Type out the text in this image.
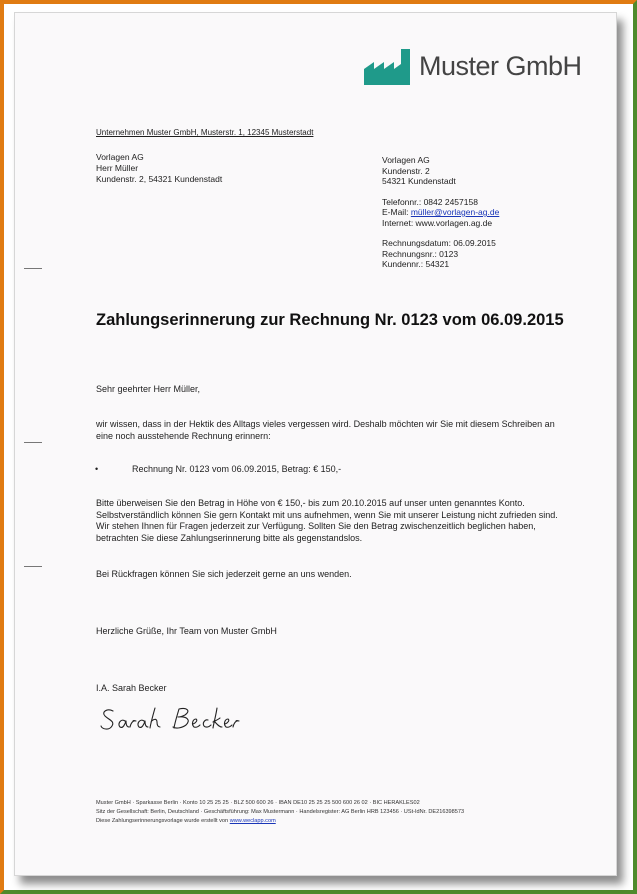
Muster GmbH
Unternehmen Muster GmbH, Musterstr. 1, 12345 Musterstadt
Vorlagen AG
Herr Müller
Kundenstr. 2, 54321 Kundenstadt
Vorlagen AG
Kundenstr. 2
54321 Kundenstadt
Telefonnr.: 0842 2457158
E-Mail: müller@vorlagen-ag.de
Internet: www.vorlagen.ag.de
Rechnungsdatum: 06.09.2015
Rechnungsnr.: 0123
Kundennr.: 54321
Zahlungserinnerung zur Rechnung Nr. 0123 vom 06.09.2015
Sehr geehrter Herr Müller,
wir wissen, dass in der Hektik des Alltags vieles vergessen wird. Deshalb möchten wir Sie mit diesem Schreiben an eine noch ausstehende Rechnung erinnern:
•	Rechnung Nr. 0123 vom 06.09.2015, Betrag: € 150,-
Bitte überweisen Sie den Betrag in Höhe von € 150,- bis zum 20.10.2015 auf unser unten genanntes Konto. Selbstverständlich können Sie gern Kontakt mit uns aufnehmen, wenn Sie mit unserer Leistung nicht zufrieden sind. Wir stehen Ihnen für Fragen jederzeit zur Verfügung. Sollten Sie den Betrag zwischenzeitlich beglichen haben, betrachten Sie diese Zahlungserinnerung bitte als gegenstandslos.
Bei Rückfragen können Sie sich jederzeit gerne an uns wenden.
Herzliche Grüße, Ihr Team von Muster GmbH
I.A. Sarah Becker
Muster GmbH · Sparkasse Berlin · Konto 10 25 25 25 · BLZ 500 600 26 · IBAN DE10 25 25 25 500 600 26 02 · BIC HERAKLES02
Sitz der Gesellschaft: Berlin, Deutschland · Geschäftsführung: Max Mustermann · Handelsregister: AG Berlin HRB 123456 · USt-IdNr. DE216398573
Diese Zahlungserinnerungsvorlage wurde erstellt von www.weclapp.com
